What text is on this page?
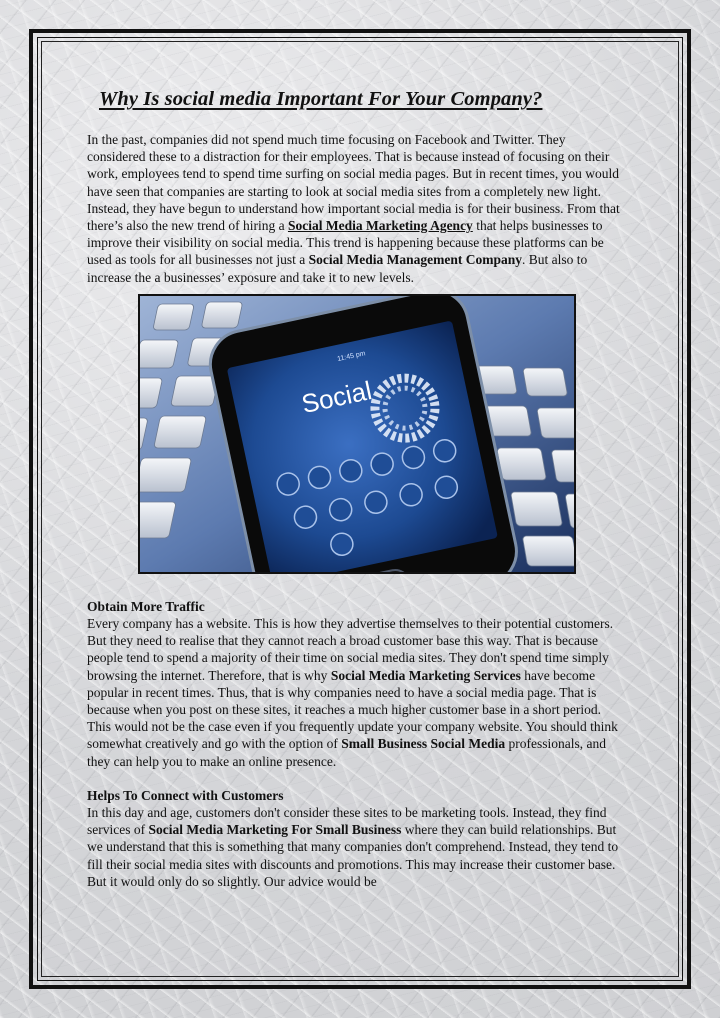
Why Is social media Important For Your Company?

In the past, companies did not spend much time focusing on Facebook and Twitter. They considered these to a distraction for their employees. That is because instead of focusing on their work, employees tend to spend time surfing on social media pages. But in recent times, you would have seen that companies are starting to look at social media sites from a completely new light. Instead, they have begun to understand how important social media is for their business. From that there’s also the new trend of hiring a Social Media Marketing Agency that helps businesses to improve their visibility on social media. This trend is happening because these platforms can be used as tools for all businesses not just a Social Media Management Company. But also to increase the a businesses’ exposure and take it to new levels.

Social
11:45 pm
Obtain More Traffic

Every company has a website. This is how they advertise themselves to their potential customers. But they need to realise that they cannot reach a broad customer base this way. That is because people tend to spend a majority of their time on social media sites. They don't spend time simply browsing the internet. Therefore, that is why Social Media Marketing Services have become popular in recent times. Thus, that is why companies need to have a social media page. That is because when you post on these sites, it reaches a much higher customer base in a short period. This would not be the case even if you frequently update your company website. You should think somewhat creatively and go with the option of Small Business Social Media professionals, and they can help you to make an online presence.

Helps To Connect with Customers

In this day and age, customers don't consider these sites to be marketing tools. Instead, they find services of Social Media Marketing For Small Business where they can build relationships. But we understand that this is something that many companies don't comprehend. Instead, they tend to fill their social media sites with discounts and promotions. This may increase their customer base. But it would only do so slightly. Our advice would be
